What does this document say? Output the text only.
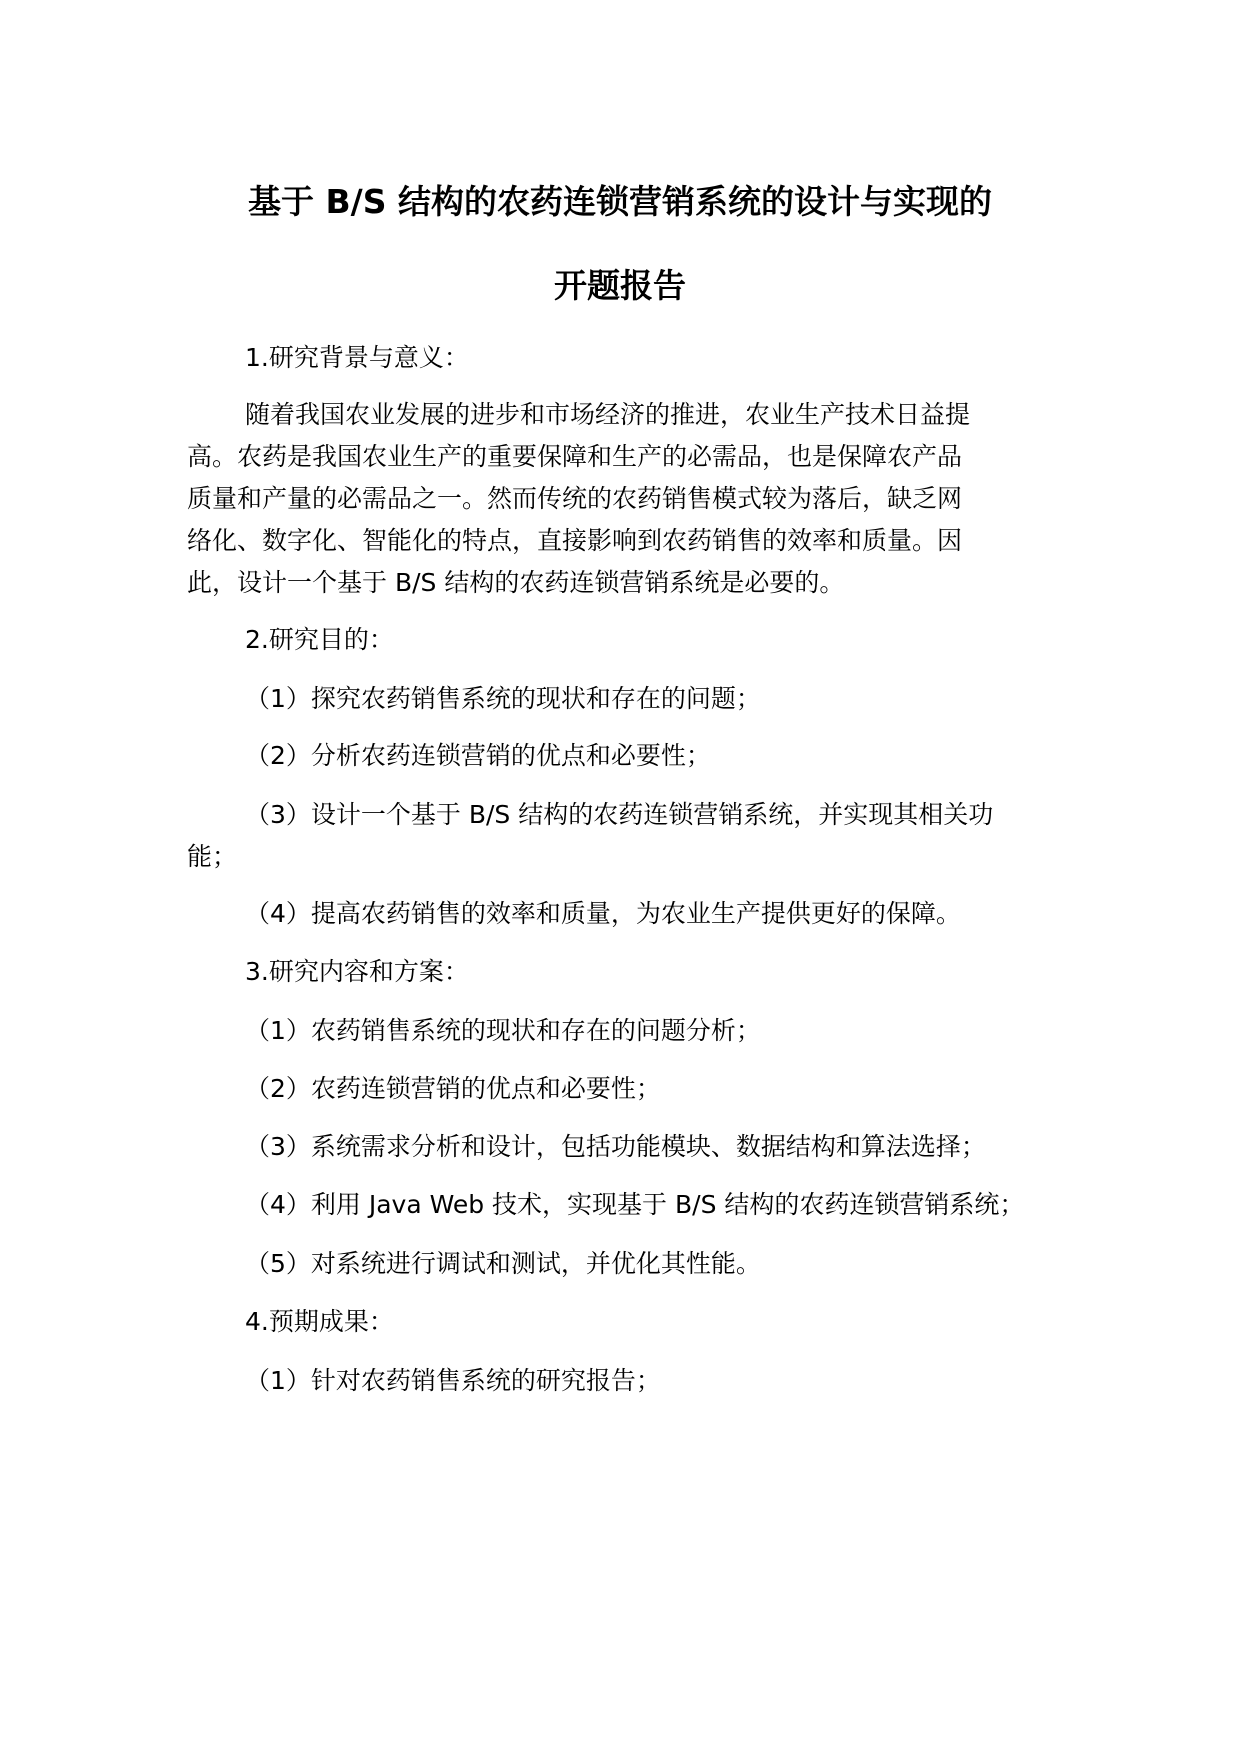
基于 B/S 结构的农药连锁营销系统的设计与实现的
开题报告
1.研究背景与意义：
随着我国农业发展的进步和市场经济的推进，农业生产技术日益提
高。农药是我国农业生产的重要保障和生产的必需品，也是保障农产品
质量和产量的必需品之一。然而传统的农药销售模式较为落后，缺乏网
络化、数字化、智能化的特点，直接影响到农药销售的效率和质量。因
此，设计一个基于 B/S 结构的农药连锁营销系统是必要的。
2.研究目的：
（1）探究农药销售系统的现状和存在的问题；
（2）分析农药连锁营销的优点和必要性；
（3）设计一个基于 B/S 结构的农药连锁营销系统，并实现其相关功
能；
（4）提高农药销售的效率和质量，为农业生产提供更好的保障。
3.研究内容和方案：
（1）农药销售系统的现状和存在的问题分析；
（2）农药连锁营销的优点和必要性；
（3）系统需求分析和设计，包括功能模块、数据结构和算法选择；
（4）利用 Java Web 技术，实现基于 B/S 结构的农药连锁营销系统；
（5）对系统进行调试和测试，并优化其性能。
4.预期成果：
（1）针对农药销售系统的研究报告；
